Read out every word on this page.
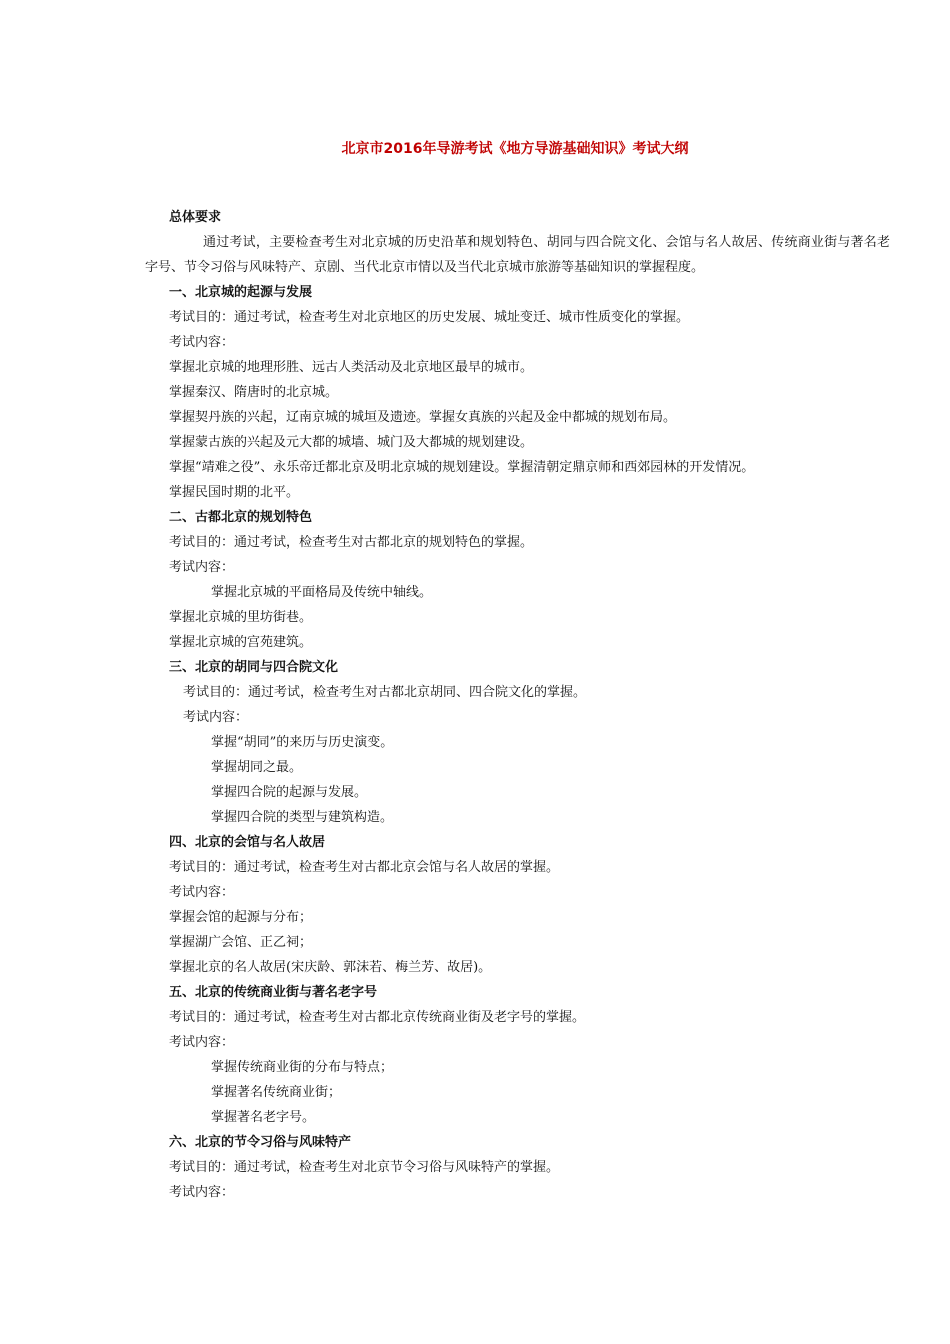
北京市2016年导游考试《地方导游基础知识》考试大纲

总体要求

通过考试，主要检查考生对北京城的历史沿革和规划特色、胡同与四合院文化、会馆与名人故居、传统商业街与著名老字号、节令习俗与风味特产、京剧、当代北京市情以及当代北京城市旅游等基础知识的掌握程度。

一、北京城的起源与发展

考试目的：通过考试，检查考生对北京地区的历史发展、城址变迁、城市性质变化的掌握。

考试内容：

掌握北京城的地理形胜、远古人类活动及北京地区最早的城市。

掌握秦汉、隋唐时的北京城。

掌握契丹族的兴起，辽南京城的城垣及遗迹。掌握女真族的兴起及金中都城的规划布局。

掌握蒙古族的兴起及元大都的城墙、城门及大都城的规划建设。

掌握“靖难之役”、永乐帝迁都北京及明北京城的规划建设。掌握清朝定鼎京师和西郊园林的开发情况。

掌握民国时期的北平。

二、古都北京的规划特色

考试目的：通过考试，检查考生对古都北京的规划特色的掌握。

考试内容：

掌握北京城的平面格局及传统中轴线。

掌握北京城的里坊街巷。

掌握北京城的宫苑建筑。

三、北京的胡同与四合院文化

考试目的：通过考试，检查考生对古都北京胡同、四合院文化的掌握。

考试内容：

掌握“胡同”的来历与历史演变。

掌握胡同之最。

掌握四合院的起源与发展。

掌握四合院的类型与建筑构造。

四、北京的会馆与名人故居

考试目的：通过考试，检查考生对古都北京会馆与名人故居的掌握。

考试内容：

掌握会馆的起源与分布；

掌握湖广会馆、正乙祠；

掌握北京的名人故居(宋庆龄、郭沫若、梅兰芳、故居)。

五、北京的传统商业街与著名老字号

考试目的：通过考试，检查考生对古都北京传统商业街及老字号的掌握。

考试内容：

掌握传统商业街的分布与特点；

掌握著名传统商业街；

掌握著名老字号。

六、北京的节令习俗与风味特产

考试目的：通过考试，检查考生对北京节令习俗与风味特产的掌握。

考试内容：
